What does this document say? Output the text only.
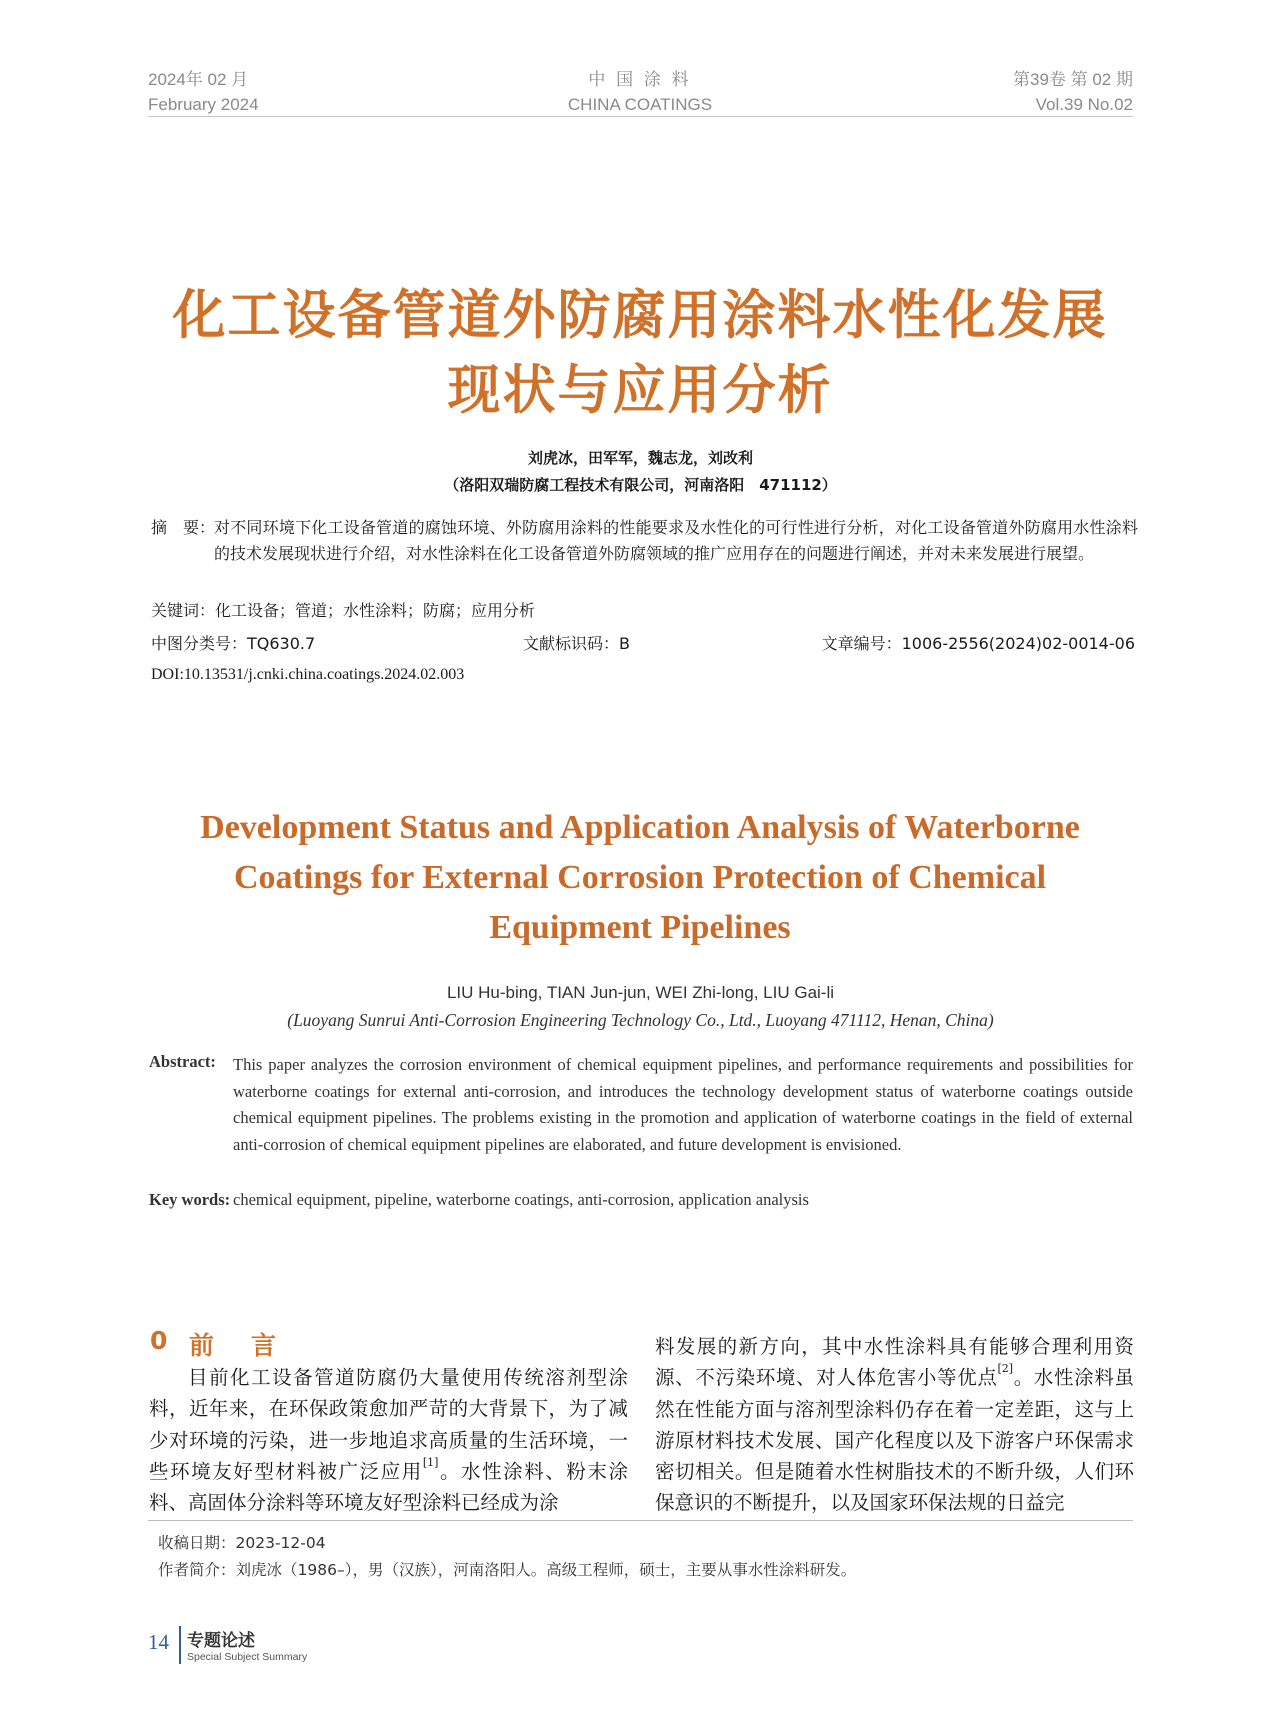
2024年 02 月
February 2024
中 国 涂 料
CHINA COATINGS
第39卷 第 02 期
Vol.39 No.02
化工设备管道外防腐用涂料水性化发展
现状与应用分析
刘虎冰，田军军，魏志龙，刘改利
（洛阳双瑞防腐工程技术有限公司，河南洛阳　471112）
摘　要：
对不同环境下化工设备管道的腐蚀环境、外防腐用涂料的性能要求及水性化的可行性进行分析，对化工设备管道外防腐用水性涂料的技术发展现状进行介绍，对水性涂料在化工设备管道外防腐领域的推广应用存在的问题进行阐述，并对未来发展进行展望。
关键词：化工设备；管道；水性涂料；防腐；应用分析
中图分类号：TQ630.7	文献标识码：B	文章编号：1006-2556(2024)02-0014-06
DOI:10.13531/j.cnki.china.coatings.2024.02.003
Development Status and Application Analysis of Waterborne
Coatings for External Corrosion Protection of Chemical
Equipment Pipelines
LIU Hu-bing, TIAN Jun-jun, WEI Zhi-long, LIU Gai-li
(Luoyang Sunrui Anti-Corrosion Engineering Technology Co., Ltd., Luoyang 471112, Henan, China)
Abstract: This paper analyzes the corrosion environment of chemical equipment pipelines, and performance requirements and possibilities for waterborne coatings for external anti-corrosion, and introduces the technology development status of waterborne coatings outside chemical equipment pipelines. The problems existing in the promotion and application of waterborne coatings in the field of external anti-corrosion of chemical equipment pipelines are elaborated, and future development is envisioned.
Key words: chemical equipment, pipeline, waterborne coatings, anti-corrosion, application analysis
0 前　言
目前化工设备管道防腐仍大量使用传统溶剂型涂料，近年来，在环保政策愈加严苛的大背景下，为了减少对环境的污染，进一步地追求高质量的生活环境，一些环境友好型材料被广泛应用[1]。水性涂料、粉末涂料、高固体分涂料等环境友好型涂料已经成为涂
料发展的新方向，其中水性涂料具有能够合理利用资源、不污染环境、对人体危害小等优点[2]。水性涂料虽然在性能方面与溶剂型涂料仍存在着一定差距，这与上游原材料技术发展、国产化程度以及下游客户环保需求密切相关。但是随着水性树脂技术的不断升级，人们环保意识的不断提升，以及国家环保法规的日益完
收稿日期：2023-12-04
作者简介：刘虎冰（1986–），男（汉族），河南洛阳人。高级工程师，硕士，主要从事水性涂料研发。
14 专题论述
Special Subject Summary
